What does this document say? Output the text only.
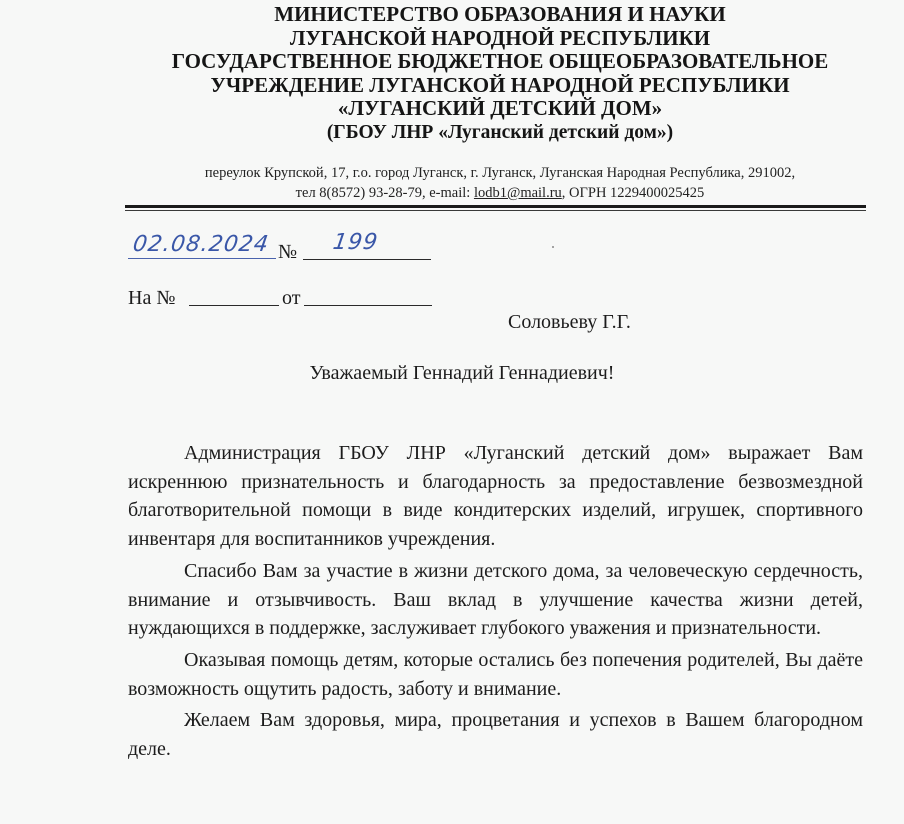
МИНИСТЕРСТВО ОБРАЗОВАНИЯ И НАУКИ
ЛУГАНСКОЙ НАРОДНОЙ РЕСПУБЛИКИ
ГОСУДАРСТВЕННОЕ БЮДЖЕТНОЕ ОБЩЕОБРАЗОВАТЕЛЬНОЕ
УЧРЕЖДЕНИЕ ЛУГАНСКОЙ НАРОДНОЙ РЕСПУБЛИКИ
«ЛУГАНСКИЙ ДЕТСКИЙ ДОМ»
(ГБОУ ЛНР «Луганский детский дом»)
переулок Крупской, 17, г.о. город Луганск, г. Луганск, Луганская Народная Республика, 291002,
тел 8(8572) 93-28-79, e-mail: lodb1@mail.ru, ОГРН 1229400025425
02.08.2024 № 199
На №	от
Соловьеву Г.Г.
Уважаемый Геннадий Геннадиевич!

Администрация ГБОУ ЛНР «Луганский детский дом» выражает Вам искреннюю признательность и благодарность за предоставление безвозмездной благотворительной помощи в виде кондитерских изделий, игрушек, спортивного инвентаря для воспитанников учреждения.

Спасибо Вам за участие в жизни детского дома, за человеческую сердечность, внимание и отзывчивость. Ваш вклад в улучшение качества жизни детей, нуждающихся в поддержке, заслуживает глубокого уважения и признательности.

Оказывая помощь детям, которые остались без попечения родителей, Вы даёте возможность ощутить радость, заботу и внимание.

Желаем Вам здоровья, мира, процветания и успехов в Вашем благородном деле.
